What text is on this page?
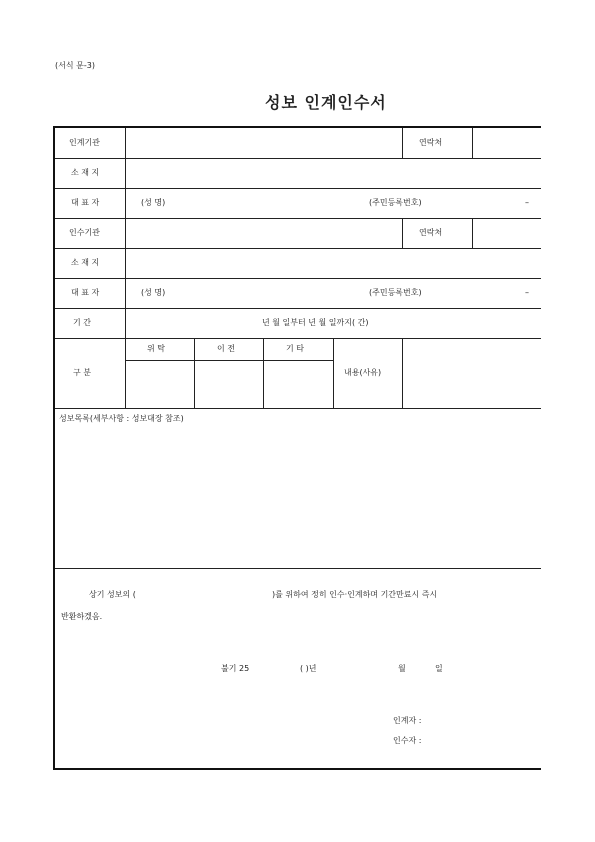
(서식 문-3)
성보 인계인수서
인계기관	연락처
소 재 지
대 표 자	(성 명)	(주민등록번호)	–
인수기관	연락처
소 재 지
대 표 자	(성 명)	(주민등록번호)	–
기 간	년 월 일부터 년 월 일까지( 간)
구 분
위 탁	이 전	기 타
내용(사유)
성보목록(세부사항 : 성보대장 참조)
상기 성보의 (	)를 위하여 정히 인수·인계하며 기간만료시 즉시
반환하겠음.
불기 25	( )년	월	일
인계자 :
인수자 :
